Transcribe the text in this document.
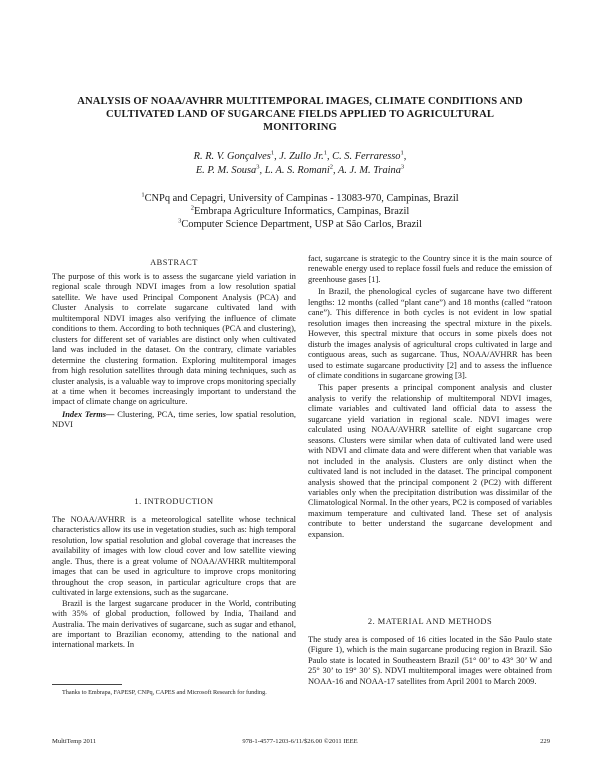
ANALYSIS OF NOAA/AVHRR MULTITEMPORAL IMAGES, CLIMATE CONDITIONS AND
CULTIVATED LAND OF SUGARCANE FIELDS APPLIED TO AGRICULTURAL
MONITORING
R. R. V. Gonçalves$^1$, J. Zullo Jr.$^1$, C. S. Ferraresso$^1$,
E. P. M. Sousa$^3$, L. A. S. Romani$^2$, A. J. M. Traina$^3$
$^1$CNPq and Cepagri, University of Campinas - 13083-970, Campinas, Brazil
$^2$Embrapa Agriculture Informatics, Campinas, Brazil
$^3$Computer Science Department, USP at São Carlos, Brazil
ABSTRACT

The purpose of this work is to assess the sugarcane yield variation in regional scale through NDVI images from a low resolution spatial satellite. We have used Principal Component Analysis (PCA) and Cluster Analysis to correlate sugarcane cultivated land with multitemporal NDVI images also verifying the influence of climate conditions to them. According to both techniques (PCA and clustering), clusters for different set of variables are distinct only when cultivated land was included in the dataset. On the contrary, climate variables determine the clustering formation. Exploring multitemporal images from high resolution satellites through data mining techniques, such as cluster analysis, is a valuable way to improve crops monitoring specially at a time when it becomes increasingly important to understand the impact of climate change on agriculture.

Index Terms— Clustering, PCA, time series, low spatial resolution, NDVI

1. INTRODUCTION

The NOAA/AVHRR is a meteorological satellite whose technical characteristics allow its use in vegetation studies, such as: high temporal resolution, low spatial resolution and global coverage that increases the availability of images with low cloud cover and low satellite viewing angle. Thus, there is a great volume of NOAA/AVHRR multitemporal images that can be used in agriculture to improve crops monitoring throughout the crop season, in particular agriculture crops that are cultivated in large extensions, such as the sugarcane.

Brazil is the largest sugarcane producer in the World, contributing with 35% of global production, followed by India, Thailand and Australia. The main derivatives of sugarcane, such as sugar and ethanol, are important to Brazilian economy, attending to the national and international markets. In

Thanks to Embrapa, FAPESP, CNPq, CAPES and Microsoft Research for funding.

fact, sugarcane is strategic to the Country since it is the main source of renewable energy used to replace fossil fuels and reduce the emission of greenhouse gases [1].

In Brazil, the phenological cycles of sugarcane have two different lengths: 12 months (called “plant cane”) and 18 months (called “ratoon cane”). This difference in both cycles is not evident in low spatial resolution images then increasing the spectral mixture in the pixels. However, this spectral mixture that occurs in some pixels does not disturb the images analysis of agricultural crops cultivated in large and contiguous areas, such as sugarcane. Thus, NOAA/AVHRR has been used to estimate sugarcane productivity [2] and to assess the influence of climate conditions in sugarcane growing [3].

This paper presents a principal component analysis and cluster analysis to verify the relationship of multitemporal NDVI images, climate variables and cultivated land official data to assess the sugarcane yield variation in regional scale. NDVI images were calculated using NOAA/AVHRR satellite of eight sugarcane crop seasons. Clusters were similar when data of cultivated land were used with NDVI and climate data and were different when that variable was not included in the analysis. Clusters are only distinct when the cultivated land is not included in the dataset. The principal component analysis showed that the principal component 2 (PC2) with different variables only when the precipitation distribution was dissimilar of the Climatological Normal. In the other years, PC2 is composed of variables maximum temperature and cultivated land. These set of analysis contribute to better understand the sugarcane development and expansion.

2. MATERIAL AND METHODS

The study area is composed of 16 cities located in the São Paulo state (Figure 1), which is the main sugarcane producing region in Brazil. São Paulo state is located in Southeastern Brazil (51° 00’ to 43° 30’ W and 25° 30’ to 19° 30’ S). NDVI multitemporal images were obtained from NOAA-16 and NOAA-17 satellites from April 2001 to March 2009.

MultiTemp 2011	978-1-4577-1203-6/11/$26.00 ©2011 IEEE	229
